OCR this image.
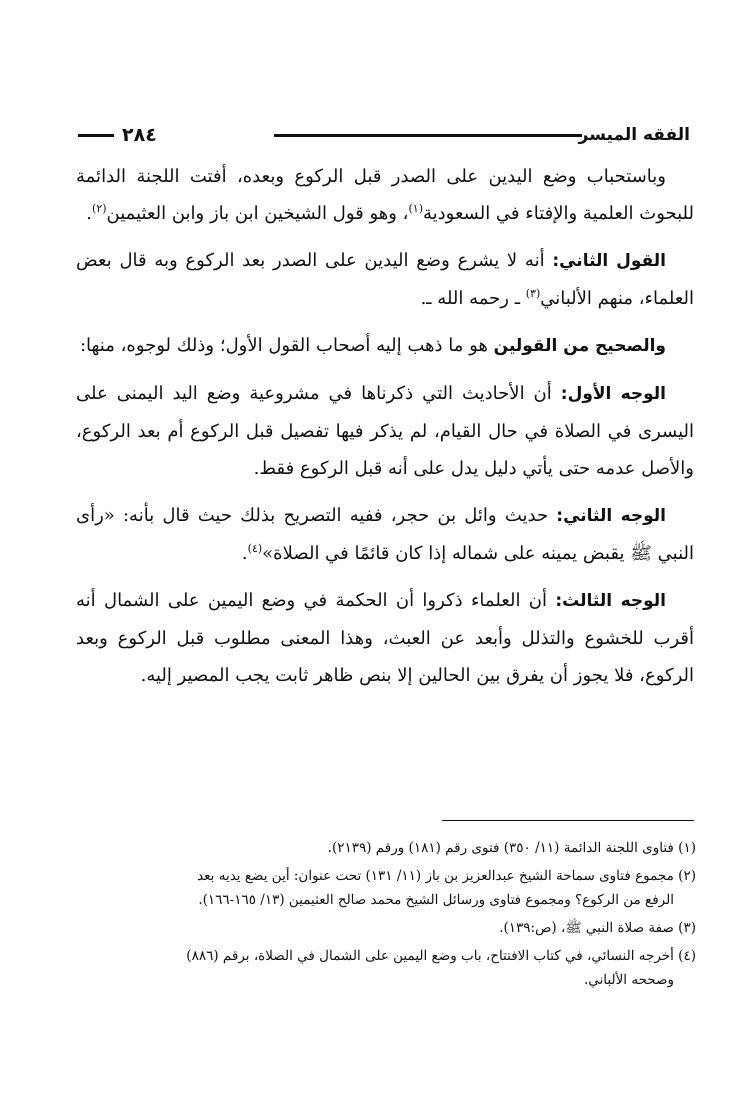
الفقه الميسر
٢٨٤

وباستحباب وضع اليدين على الصدر قبل الركوع وبعده، أفتت اللجنة الدائمة للبحوث العلمية والإفتاء في السعودية$^{(١)}$، وهو قول الشيخين ابن باز وابن العثيمين$^{(٢)}$.

القول الثاني: أنه لا يشرع وضع اليدين على الصدر بعد الركوع وبه قال بعض العلماء، منهم الألباني$^{(٣)}$ ـ رحمه الله ـ.

والصحيح من القولين هو ما ذهب إليه أصحاب القول الأول؛ وذلك لوجوه، منها:

الوجه الأول: أن الأحاديث التي ذكرناها في مشروعية وضع اليد اليمنى على اليسرى في الصلاة في حال القيام، لم يذكر فيها تفصيل قبل الركوع أم بعد الركوع، والأصل عدمه حتى يأتي دليل يدل على أنه قبل الركوع فقط.

الوجه الثاني: حديث وائل بن حجر، ففيه التصريح بذلك حيث قال بأنه: «رأى النبي ﷺ يقبض يمينه على شماله إذا كان قائمًا في الصلاة»$^{(٤)}$.

الوجه الثالث: أن العلماء ذكروا أن الحكمة في وضع اليمين على الشمال أنه أقرب للخشوع والتذلل وأبعد عن العبث، وهذا المعنى مطلوب قبل الركوع وبعد الركوع، فلا يجوز أن يفرق بين الحالين إلا بنص ظاهر ثابت يجب المصير إليه.

(١) فتاوى اللجنة الدائمة (١١/ ٣٥٠) فتوى رقم (١٨١) ورقم (٢١٣٩).
(٢) مجموع فتاوى سماحة الشيخ عبدالعزيز بن باز (١١/ ١٣١) تحت عنوان: أين يضع يديه بعد
الرفع من الركوع؟ ومجموع فتاوى ورسائل الشيخ محمد صالح العثيمين (١٣/ ١٦٥-١٦٦).
(٣) صفة صلاة النبي ﷺ، (ص:١٣٩).
(٤) أخرجه النسائي، في كتاب الافتتاح، باب وضع اليمين على الشمال في الصلاة، برقم (٨٨٦)
وصححه الألباني.
